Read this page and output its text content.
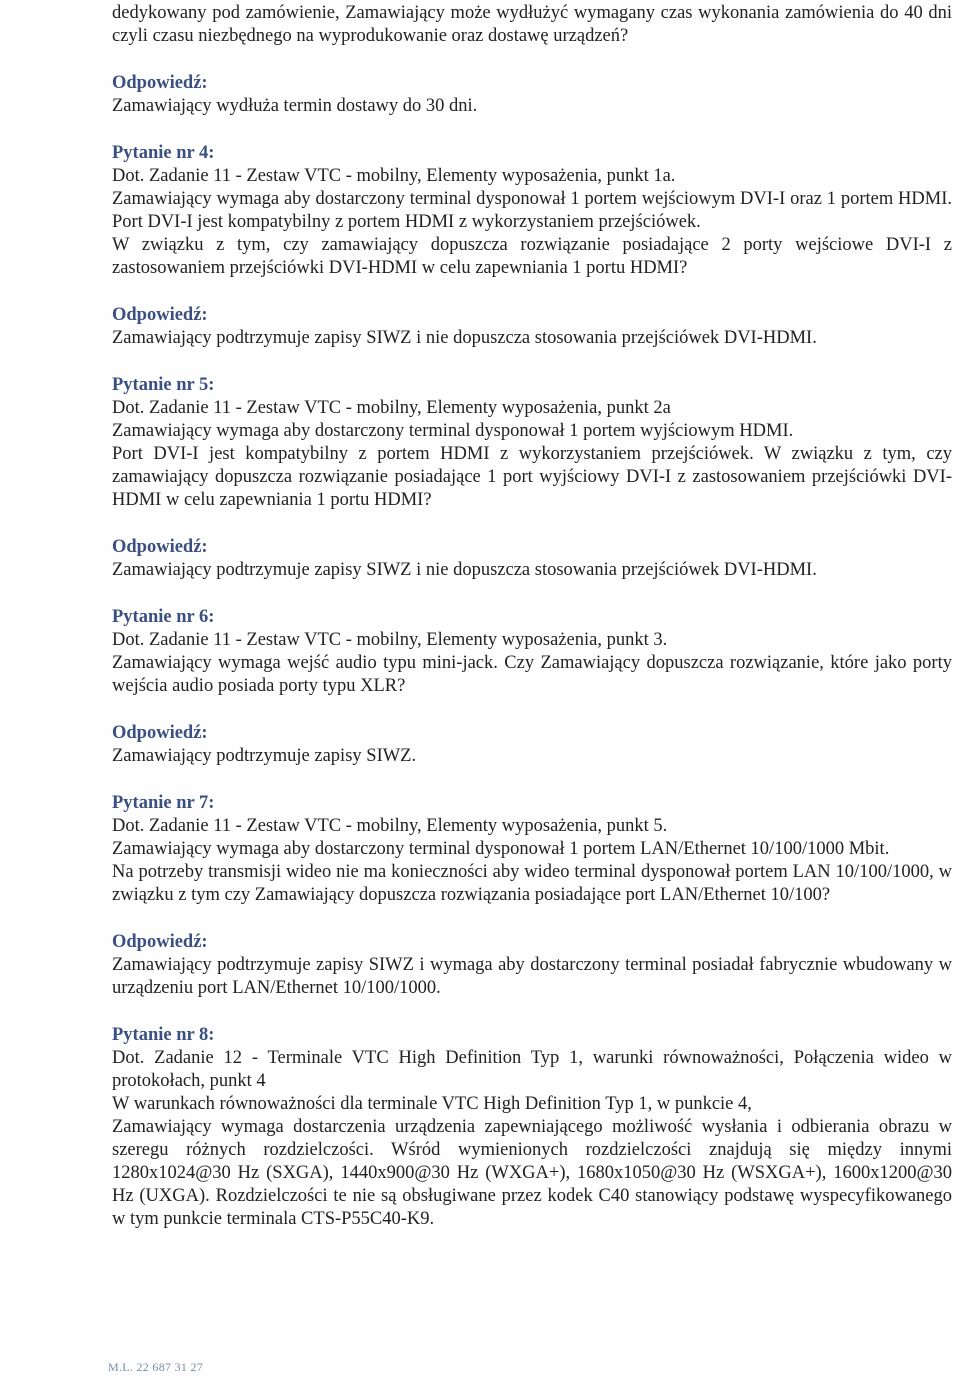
dedykowany pod zamówienie, Zamawiający może wydłużyć wymagany czas wykonania zamówienia do 40 dni czyli czasu niezbędnego na wyprodukowanie oraz dostawę urządzeń?

Odpowiedź:

Zamawiający wydłuża termin dostawy do 30 dni.

Pytanie nr 4:

Dot. Zadanie 11 - Zestaw VTC - mobilny, Elementy wyposażenia, punkt 1a.

Zamawiający wymaga aby dostarczony terminal dysponował 1 portem wejściowym DVI-I oraz 1 portem HDMI. Port DVI-I jest kompatybilny z portem HDMI z wykorzystaniem przejściówek.

W związku z tym, czy zamawiający dopuszcza rozwiązanie posiadające 2 porty wejściowe DVI-I z zastosowaniem przejściówki DVI-HDMI w celu zapewniania 1 portu HDMI?

Odpowiedź:

Zamawiający podtrzymuje zapisy SIWZ i nie dopuszcza stosowania przejściówek DVI-HDMI.

Pytanie nr 5:

Dot. Zadanie 11 - Zestaw VTC - mobilny, Elementy wyposażenia, punkt 2a

Zamawiający wymaga aby dostarczony terminal dysponował 1 portem wyjściowym HDMI.

Port DVI-I jest kompatybilny z portem HDMI z wykorzystaniem przejściówek. W związku z tym, czy zamawiający dopuszcza rozwiązanie posiadające 1 port wyjściowy DVI-I z zastosowaniem przejściówki DVI-HDMI w celu zapewniania 1 portu HDMI?

Odpowiedź:

Zamawiający podtrzymuje zapisy SIWZ i nie dopuszcza stosowania przejściówek DVI-HDMI.

Pytanie nr 6:

Dot. Zadanie 11 - Zestaw VTC - mobilny, Elementy wyposażenia, punkt 3.

Zamawiający wymaga wejść audio typu mini-jack. Czy Zamawiający dopuszcza rozwiązanie, które jako porty wejścia audio posiada porty typu XLR?

Odpowiedź:

Zamawiający podtrzymuje zapisy SIWZ.

Pytanie nr 7:

Dot. Zadanie 11 - Zestaw VTC - mobilny, Elementy wyposażenia, punkt 5.

Zamawiający wymaga aby dostarczony terminal dysponował 1 portem LAN/Ethernet 10/100/1000 Mbit.

Na potrzeby transmisji wideo nie ma konieczności aby wideo terminal dysponował portem LAN 10/100/1000, w związku z tym czy Zamawiający dopuszcza rozwiązania posiadające port LAN/Ethernet 10/100?

Odpowiedź:

Zamawiający podtrzymuje zapisy SIWZ i wymaga aby dostarczony terminal posiadał fabrycznie wbudowany w urządzeniu port LAN/Ethernet 10/100/1000.

Pytanie nr 8:

Dot. Zadanie 12 - Terminale VTC High Definition Typ 1, warunki równoważności, Połączenia wideo w protokołach, punkt 4

W warunkach równoważności dla terminale VTC High Definition Typ 1, w punkcie 4,

Zamawiający wymaga dostarczenia urządzenia zapewniającego możliwość wysłania i odbierania obrazu w szeregu różnych rozdzielczości. Wśród wymienionych rozdzielczości znajdują się między innymi 1280x1024@30 Hz (SXGA), 1440x900@30 Hz (WXGA+), 1680x1050@30 Hz (WSXGA+), 1600x1200@30 Hz (UXGA). Rozdzielczości te nie są obsługiwane przez kodek C40 stanowiący podstawę wyspecyfikowanego w tym punkcie terminala CTS-P55C40-K9.

M.L. 22 687 31 27
